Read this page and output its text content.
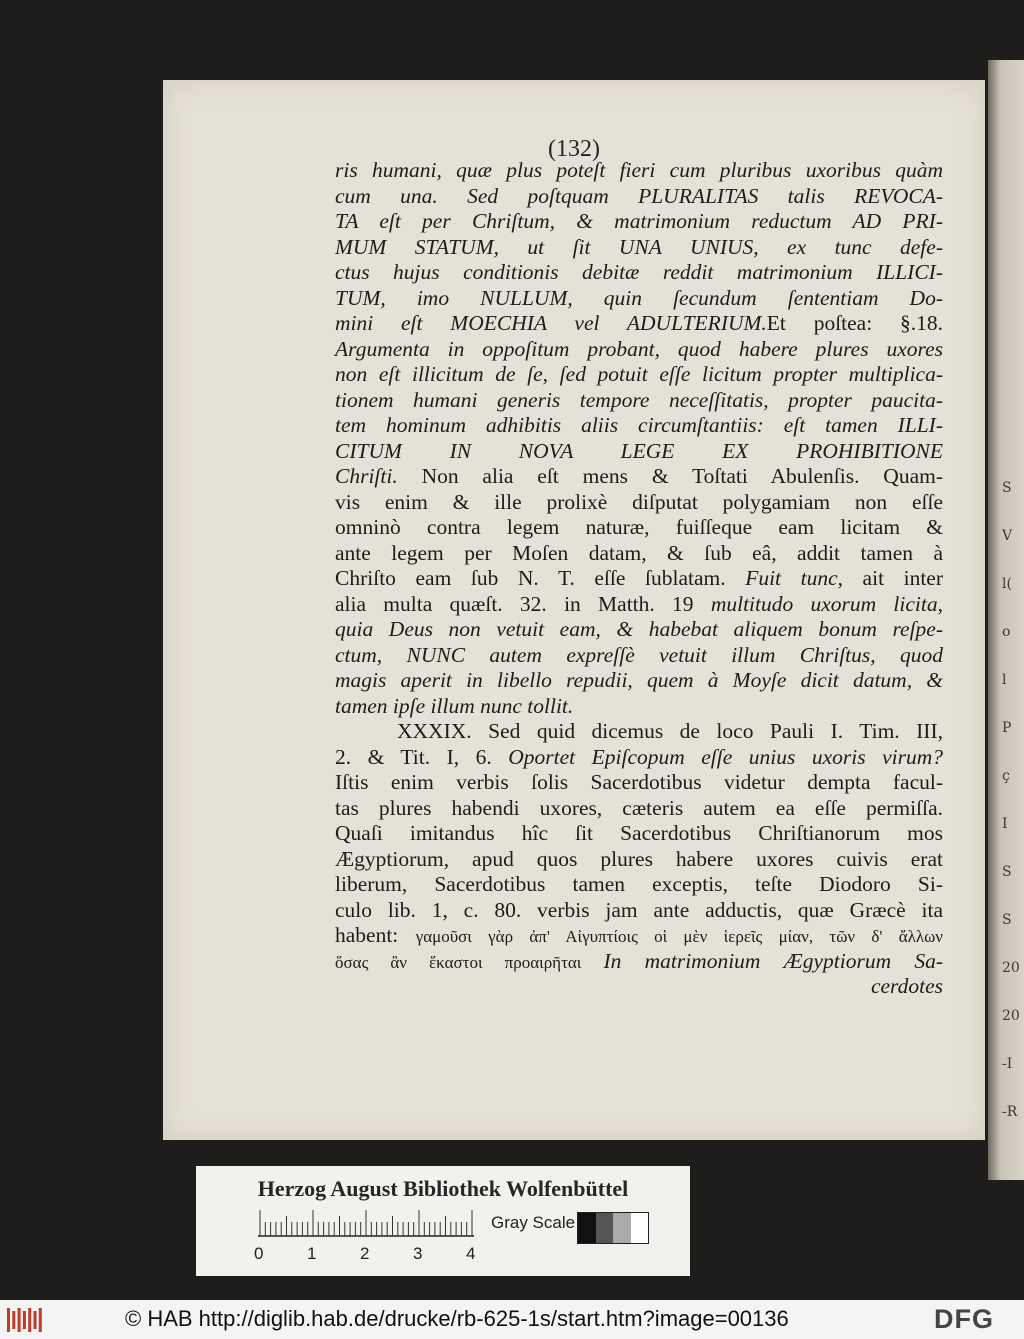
S
V
l(
o
l
P
ç
I
S
S
20
20
-I
-R
(132)
ris humani, quæ plus poteſt fieri cum pluribus uxoribus quàm
cum una. Sed poſtquam PLURALITAS talis REVOCA-
TA eſt per Chriſtum, & matrimonium reductum AD PRI-
MUM STATUM, ut ſit UNA UNIUS, ex tunc defe-
ctus hujus conditionis debitæ reddit matrimonium ILLICI-
TUM, imo NULLUM, quin ſecundum ſententiam Do-
mini eſt MOECHIA vel ADULTERIUM.Et poſtea: §.18.
Argumenta in oppoſitum probant, quod habere plures uxores
non eſt illicitum de ſe, ſed potuit eſſe licitum propter multiplica-
tionem humani generis tempore neceſſitatis, propter paucita-
tem hominum adhibitis aliis circumſtantiis: eſt tamen ILLI-
CITUM IN NOVA LEGE EX PROHIBITIONE
Chriſti. Non alia eſt mens & Toſtati Abulenſis. Quam-
vis enim & ille prolixè diſputat polygamiam non eſſe
omninò contra legem naturæ, fuiſſeque eam licitam &
ante legem per Moſen datam, & ſub eâ, addit tamen à
Chriſto eam ſub N. T. eſſe ſublatam. Fuit tunc, ait inter
alia multa quæſt. 32. in Matth. 19 multitudo uxorum licita,
quia Deus non vetuit eam, & habebat aliquem bonum reſpe-
ctum, NUNC autem expreſſè vetuit illum Chriſtus, quod
magis aperit in libello repudii, quem à Moyſe dicit datum, &
tamen ipſe illum nunc tollit.
XXXIX. Sed quid dicemus de loco Pauli I. Tim. III,
2. & Tit. I, 6. Oportet Epiſcopum eſſe unius uxoris virum?
Iſtis enim verbis ſolis Sacerdotibus videtur dempta facul-
tas plures habendi uxores, cæteris autem ea eſſe permiſſa.
Quaſi imitandus hîc ſit Sacerdotibus Chriſtianorum mos
Ægyptiorum, apud quos plures habere uxores cuivis erat
liberum, Sacerdotibus tamen exceptis, teſte Diodoro Si-
culo lib. 1, c. 80. verbis jam ante adductis, quæ Græcè ita
habent: γαμοῦσι γὰρ ἀπ' Αἰγυπτίοις οἱ μὲν ἱερεῖς μίαν, τῶν δ' ἄλλων
ὅσας ἂν ἕκαστοι προαιρῆται In matrimonium Ægyptiorum Sa-
cerdotes
Herzog August Bibliothek Wolfenbüttel
0	1	2	3	4
Gray Scale
© HAB http://diglib.hab.de/drucke/rb-625-1s/start.htm?image=00136	DFG
